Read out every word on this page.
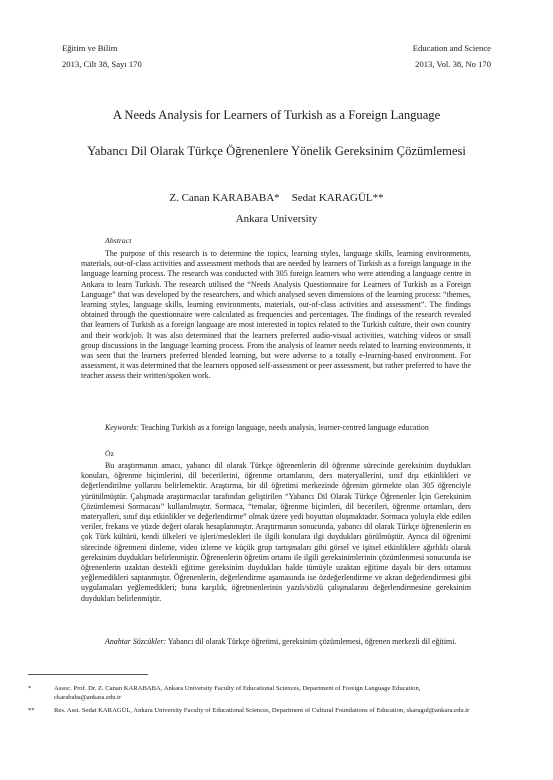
Eğitim ve Bilim
2013, Cilt 38, Sayı 170
Education and Science
2013, Vol. 38, No 170
A Needs Analysis for Learners of Turkish as a Foreign Language
Yabancı Dil Olarak Türkçe Öğrenenlere Yönelik Gereksinim Çözümlemesi
Z. Canan KARABABA* Sedat KARAGÜL**
Ankara University
Abstract
The purpose of this research is to determine the topics, learning styles, language skills, learning environments, materials, out-of-class activities and assessment methods that are needed by learners of Turkish as a foreign language in the language learning process. The research was conducted with 305 foreign learners who were attending a language centre in Ankara to learn Turkish. The research utilised the “Needs Analysis Questionnaire for Learners of Turkish as a Foreign Language” that was developed by the researchers, and which analysed seven dimensions of the learning process: “themes, learning styles, language skills, learning environments, materials, out-of-class activities and assessment”. The findings obtained through the questionnaire were calculated as frequencies and percentages. The findings of the research revealed that learners of Turkish as a foreign language are most interested in topics related to the Turkish culture, their own country and their work/job. It was also determined that the learners preferred audio-visual activities, watching videos or small group discussions in the language learning process. From the analysis of learner needs related to learning environments, it was seen that the learners preferred blended learning, but were adverse to a totally e-learning-based environment. For assessment, it was determined that the learners opposed self-assessment or peer assessment, but rather preferred to have the teacher assess their written/spoken work.
Keywords: Teaching Turkish as a foreign language, needs analysis, learner-centred language education
Öz
Bu araştırmanın amacı, yabancı dil olarak Türkçe öğrenenlerin dil öğrenme sürecinde gereksinim duydukları konuları, öğrenme biçimlerini, dil becerilerini, öğrenme ortamlarını, ders materyallerini, sınıf dışı etkinlikleri ve değerlendirilme yollarını belirlemektir. Araştırma, bir dil öğretimi merkezinde öğrenim görmekte olan 305 öğrenciyle yürütülmüştür. Çalışmada araştırmacılar tarafından geliştirilen “Yabancı Dil Olarak Türkçe Öğrenenler İçin Gereksinim Çözümlemesi Sormacası” kullanılmıştır. Sormaca, “temalar, öğrenme biçimleri, dil becerileri, öğrenme ortamları, ders materyalleri, sınıf dışı etkinlikler ve değerlendirme” olmak üzere yedi boyuttan oluşmaktadır. Sormaca yoluyla elde edilen veriler, frekans ve yüzde değeri olarak hesaplanmıştır. Araştırmanın sonucunda, yabancı dil olarak Türkçe öğrenenlerin en çok Türk kültürü, kendi ülkeleri ve işleri/meslekleri ile ilgili konulara ilgi duydukları görülmüştür. Ayrıca dil öğrenimi sürecinde öğretmeni dinleme, video izleme ve küçük grup tartışmaları gibi görsel ve işitsel etkinliklere ağırlıklı olarak gereksinim duydukları belirlenmiştir. Öğrenenlerin öğretim ortamı ile ilgili gereksinimlerinin çözümlenmesi sonucunda ise öğrenenlerin uzaktan destekli eğitime gereksinim duydukları halde tümüyle uzaktan eğitime dayalı bir ders ortamını yeğlemedikleri saptanmıştır. Öğrenenlerin, değerlendirme aşamasında ise özdeğerlendirme ve akran değerlendirmesi gibi uygulamaları yeğlemedikleri; buna karşılık, öğretmenlerinin yazılı/sözlü çalışmalarını değerlendirmesine gereksinim duydukları belirlenmiştir.
Anahtar Sözcükler: Yabancı dil olarak Türkçe öğretimi, gereksinim çözümlemesi, öğrenen merkezli dil eğitimi.
*	Assoc. Prof. Dr. Z. Canan KARABABA, Ankara University Faculty of Educational Sciences, Department of Foreign Language Education, ckarababa@ankara.edu.tr
**	Res. Asst. Sedat KARAGÜL, Ankara University Faculty of Educational Sciences, Department of Cultural Foundations of Education, skaragul@ankara.edu.tr
